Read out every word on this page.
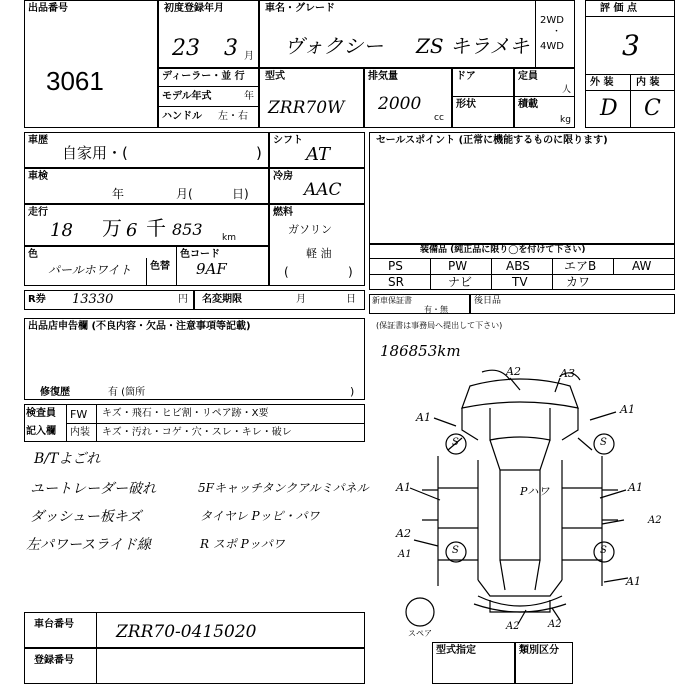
出品番号
3061
初度登録年月
23 3 月
車名・グレード
ヴォクシー ZS キラメキ
2WD
・
4WD
評 価 点
3
外 装 内 装
D C
ディーラー・並 行
モデル年式	年
ハンドル 左・右
型式
ZRR70W
排気量
2000
cc
ドア
形状
定員
人
積載
kg
車歴
自家用・(	)
車検
年	月(	日)
走行
18 万 6 千 853 km
色
パールホワイト 色替
色コード
9AF
シフト
AT
冷房
AAC
燃料
ガソリン
軽 油
(	)
セールスポイント (正常に機能するものに限ります)
装備品 (純正品に限り◯を付けて下さい)
PS	PW	ABS	エアB	AW
SR	ナビ	TV	カワ
R券 13330	円 名変期限	月	日 新車保証書
有・無
後日品
出品店申告欄 (不良内容・欠品・注意事項等記載)
修復歴	有 (箇所	)
検査員
記入欄
FW キズ・飛石・ヒビ割・リペア跡・X要
内装 キズ・汚れ・コゲ・穴・スレ・キレ・破レ
B/Tよごれ
ユートレーダー破れ
ダッシュー板キズ
左パワースライド線
5Fキャッチタンクアルミパネル
タイヤレ Pッピ・パワ
R スポ Pッパワ
車台番号 ZRR70-0415020
登録番号
型式指定	類別区分
(保証書は事務局へ提出して下さい)
186853km
A2	A3
A1
A1
A1	A1
A2
A2
A1
A2	A2
A1
Pハワ
S	S
S	S
スペア
